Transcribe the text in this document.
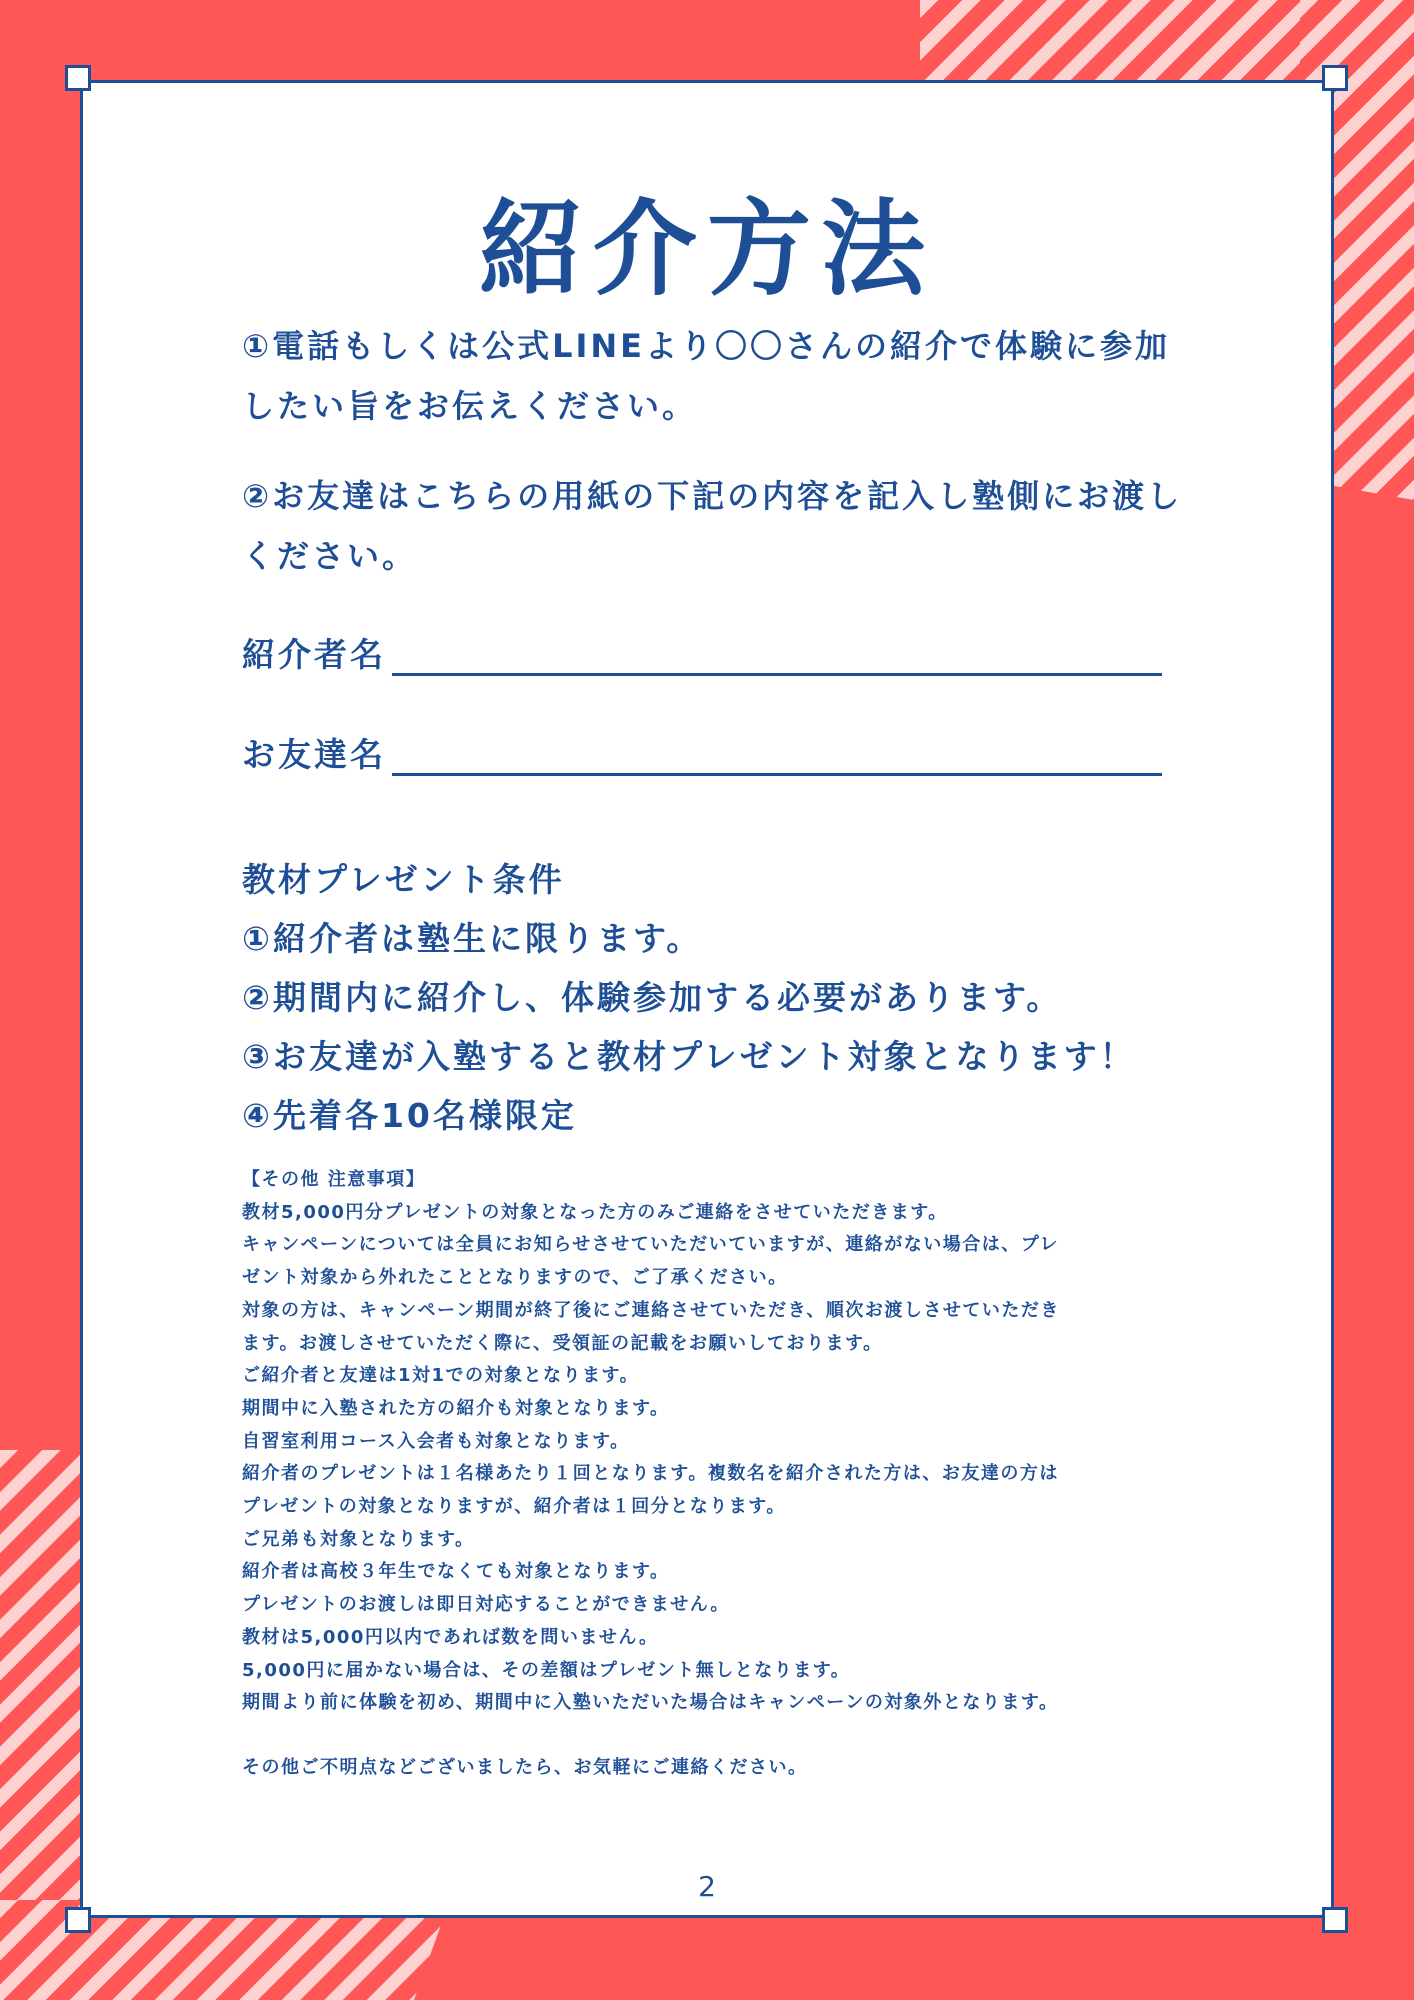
紹介方法
①電話もしくは公式LINEより〇〇さんの紹介で体験に参加したい旨をお伝えください。
②お友達はこちらの用紙の下記の内容を記入し塾側にお渡しください。
紹介者名
お友達名
教材プレゼント条件
①紹介者は塾生に限ります。
②期間内に紹介し、体験参加する必要があります。
③お友達が入塾すると教材プレゼント対象となります！
④先着各10名様限定
【その他 注意事項】
教材5,000円分プレゼントの対象となった方のみご連絡をさせていただきます。
キャンペーンについては全員にお知らせさせていただいていますが、連絡がない場合は、プレ
ゼント対象から外れたこととなりますので、ご了承ください。
対象の方は、キャンペーン期間が終了後にご連絡させていただき、順次お渡しさせていただき
ます。お渡しさせていただく際に、受領証の記載をお願いしております。
ご紹介者と友達は1対1での対象となります。
期間中に入塾された方の紹介も対象となります。
自習室利用コース入会者も対象となります。
紹介者のプレゼントは１名様あたり１回となります。複数名を紹介された方は、お友達の方は
プレゼントの対象となりますが、紹介者は１回分となります。
ご兄弟も対象となります。
紹介者は高校３年生でなくても対象となります。
プレゼントのお渡しは即日対応することができません。
教材は5,000円以内であれば数を問いません。
5,000円に届かない場合は、その差額はプレゼント無しとなります。
期間より前に体験を初め、期間中に入塾いただいた場合はキャンペーンの対象外となります。
その他ご不明点などございましたら、お気軽にご連絡ください。
2
